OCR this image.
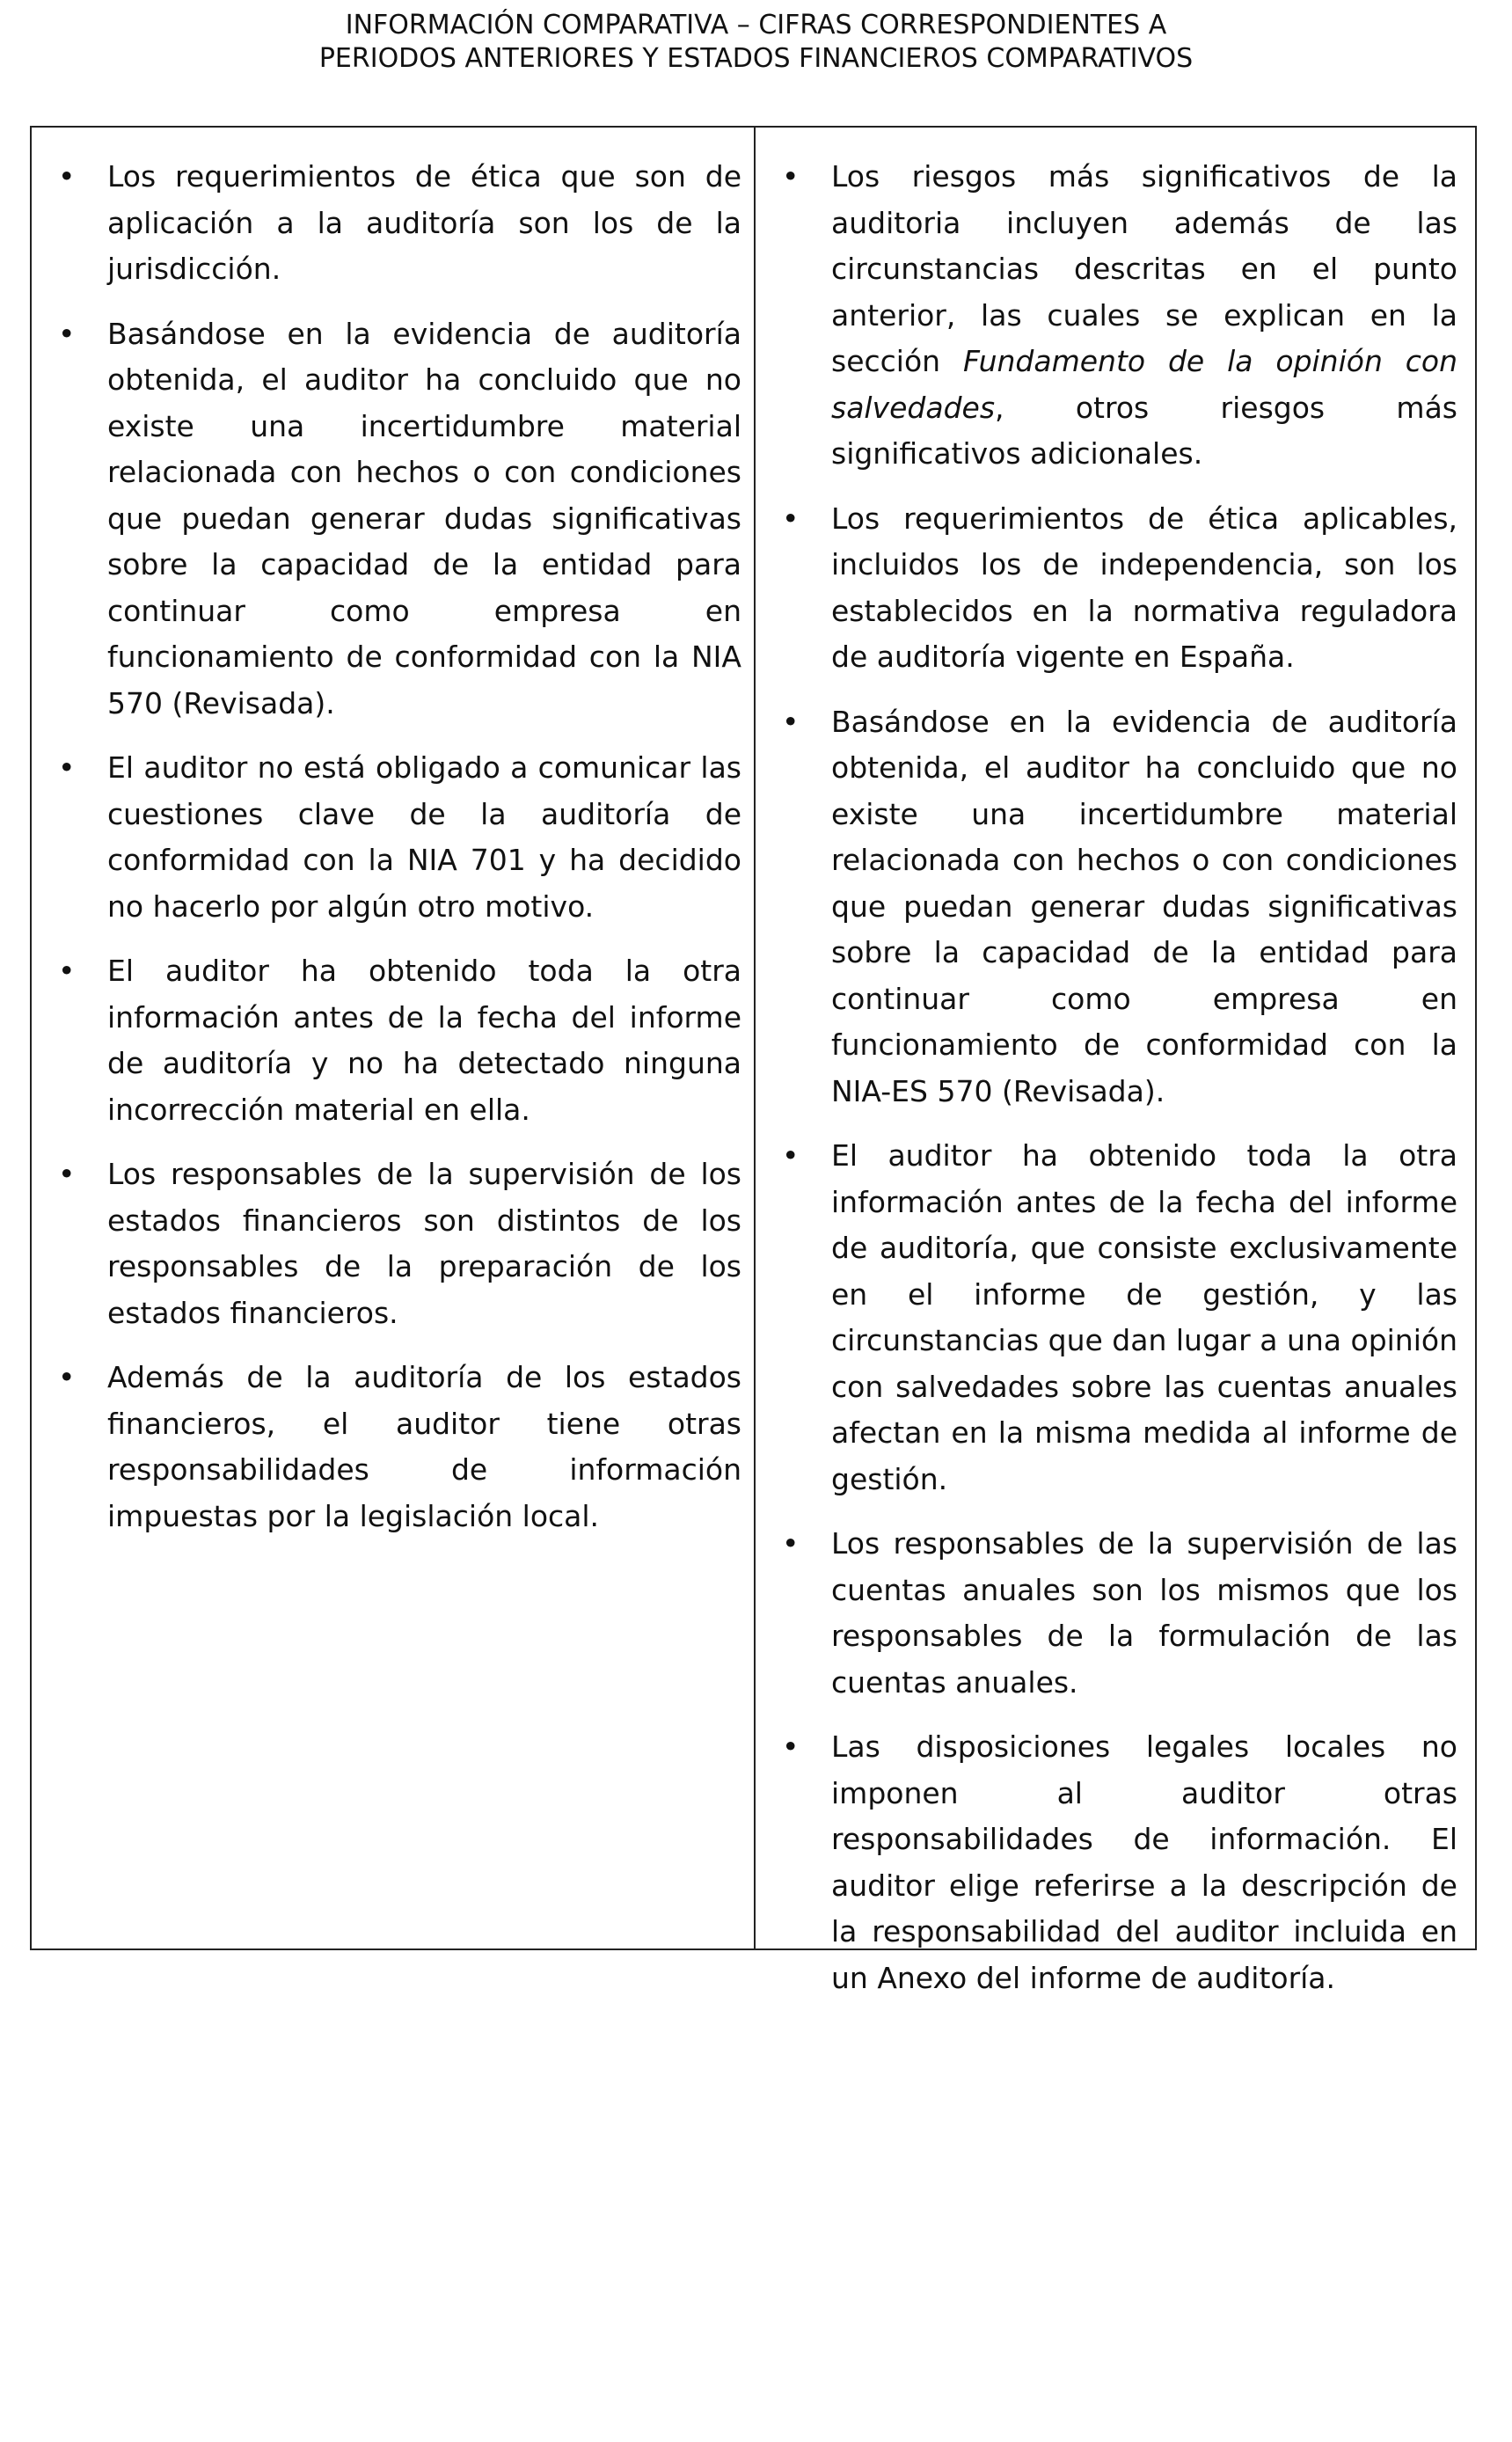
INFORMACIÓN COMPARATIVA – CIFRAS CORRESPONDIENTES A
PERIODOS ANTERIORES Y ESTADOS FINANCIEROS COMPARATIVOS
• Los requerimientos de ética que son de aplicación a la auditoría son los de la jurisdicción.
• Basándose en la evidencia de auditoría obtenida, el auditor ha concluido que no existe una incertidumbre material relacionada con hechos o con condiciones que puedan generar dudas significativas sobre la capacidad de la entidad para continuar como empresa en funcionamiento de conformidad con la NIA 570 (Revisada).
• El auditor no está obligado a comunicar las cuestiones clave de la auditoría de conformidad con la NIA 701 y ha decidido no hacerlo por algún otro motivo.
• El auditor ha obtenido toda la otra información antes de la fecha del informe de auditoría y no ha detectado ninguna incorrección material en ella.
• Los responsables de la supervisión de los estados financieros son distintos de los responsables de la preparación de los estados financieros.
• Además de la auditoría de los estados financieros, el auditor tiene otras responsabilidades de información impuestas por la legislación local.
• Los riesgos más significativos de la auditoria incluyen además de las circunstancias descritas en el punto anterior, las cuales se explican en la sección Fundamento de la opinión con salvedades, otros riesgos más significativos adicionales.
• Los requerimientos de ética aplicables, incluidos los de independencia, son los establecidos en la normativa reguladora de auditoría vigente en España.
• Basándose en la evidencia de auditoría obtenida, el auditor ha concluido que no existe una incertidumbre material relacionada con hechos o con condiciones que puedan generar dudas significativas sobre la capacidad de la entidad para continuar como empresa en funcionamiento de conformidad con la NIA-ES 570 (Revisada).
• El auditor ha obtenido toda la otra información antes de la fecha del informe de auditoría, que consiste exclusivamente en el informe de gestión, y las circunstancias que dan lugar a una opinión con salvedades sobre las cuentas anuales afectan en la misma medida al informe de gestión.
• Los responsables de la supervisión de las cuentas anuales son los mismos que los responsables de la formulación de las cuentas anuales.
• Las disposiciones legales locales no imponen al auditor otras responsabilidades de información. El auditor elige referirse a la descripción de la responsabilidad del auditor incluida en un Anexo del informe de auditoría.
